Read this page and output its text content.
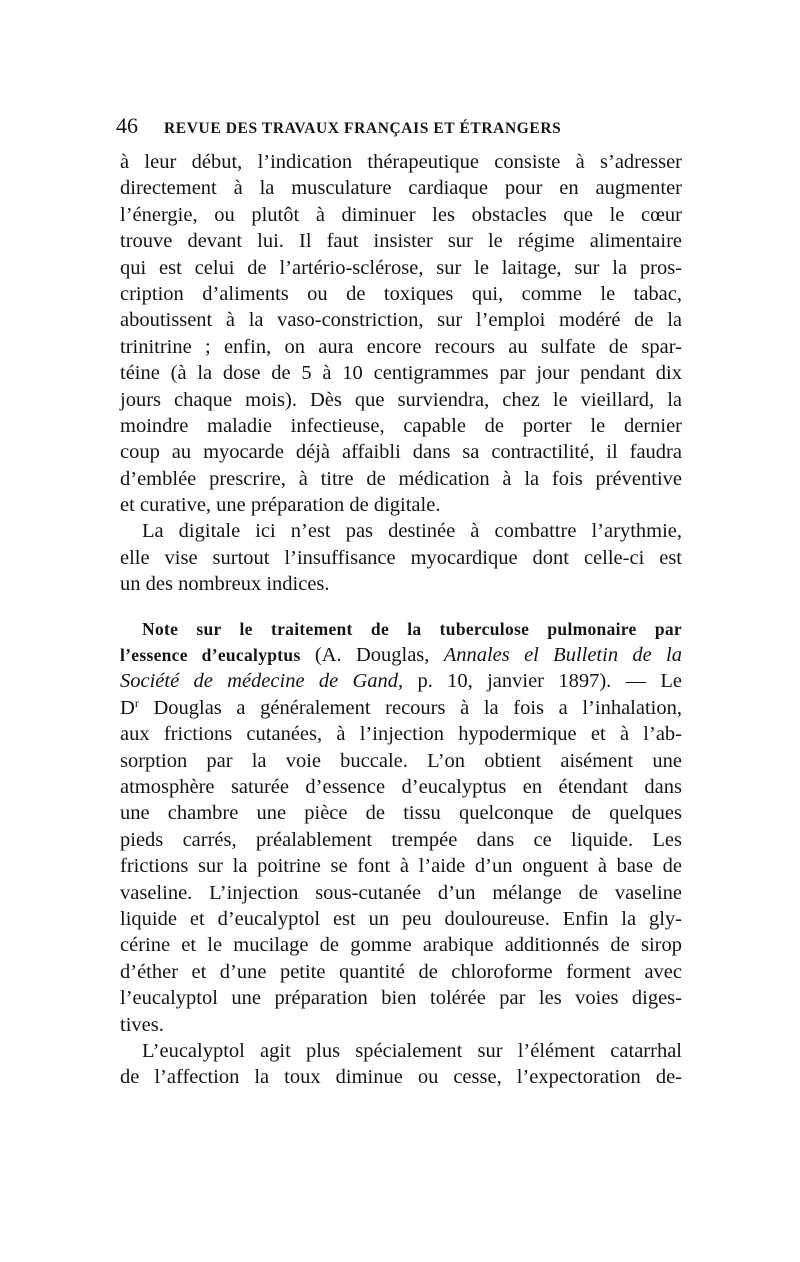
46	REVUE DES TRAVAUX FRANÇAIS ET ÉTRANGERS
à leur début, l’indication thérapeutique consiste à s’adresser
directement à la musculature cardiaque pour en augmenter
l’énergie, ou plutôt à diminuer les obstacles que le cœur
trouve devant lui. Il faut insister sur le régime alimentaire
qui est celui de l’artério-sclérose, sur le laitage, sur la pros-
cription d’aliments ou de toxiques qui, comme le tabac,
aboutissent à la vaso-constriction, sur l’emploi modéré de la
trinitrine ; enfin, on aura encore recours au sulfate de spar-
téine (à la dose de 5 à 10 centigrammes par jour pendant dix
jours chaque mois). Dès que surviendra, chez le vieillard, la
moindre maladie infectieuse, capable de porter le dernier
coup au myocarde déjà affaibli dans sa contractilité, il faudra
d’emblée prescrire, à titre de médication à la fois préventive
et curative, une préparation de digitale.
La digitale ici n’est pas destinée à combattre l’arythmie,
elle vise surtout l’insuffisance myocardique dont celle-ci est
un des nombreux indices.
Note sur le traitement de la tuberculose pulmonaire par
l’essence d’eucalyptus (A. Douglas, Annales el Bulletin de la
Société de médecine de Gand, p. 10, janvier 1897). — Le
$D^r$ Douglas a généralement recours à la fois a l’inhalation,
aux frictions cutanées, à l’injection hypodermique et à l’ab-
sorption par la voie buccale. L’on obtient aisément une
atmosphère saturée d’essence d’eucalyptus en étendant dans
une chambre une pièce de tissu quelconque de quelques
pieds carrés, préalablement trempée dans ce liquide. Les
frictions sur la poitrine se font à l’aide d’un onguent à base de
vaseline. L’injection sous-cutanée d’un mélange de vaseline
liquide et d’eucalyptol est un peu douloureuse. Enfin la gly-
cérine et le mucilage de gomme arabique additionnés de sirop
d’éther et d’une petite quantité de chloroforme forment avec
l’eucalyptol une préparation bien tolérée par les voies diges-
tives.
L’eucalyptol agit plus spécialement sur l’élément catarrhal
de l’affection la toux diminue ou cesse, l’expectoration de-
